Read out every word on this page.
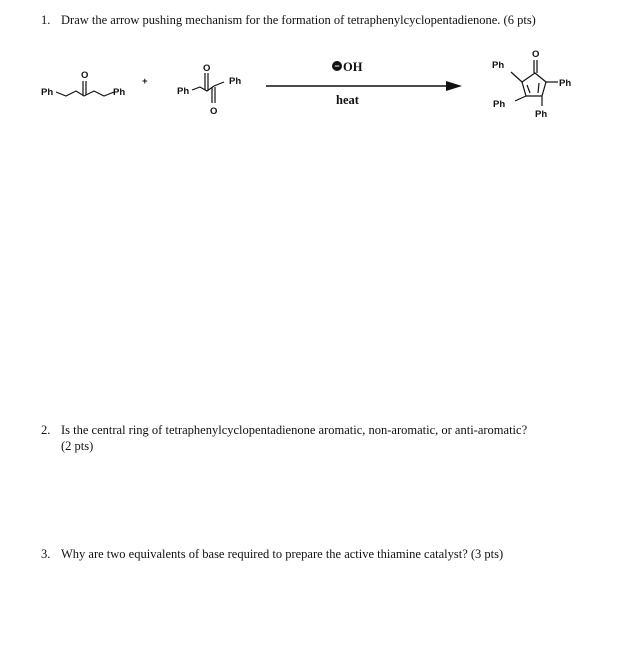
1. Draw the arrow pushing mechanism for the formation of tetraphenylcyclopentadienone. (6 pts)
Ph	Ph
O
+
Ph
Ph
O
O
− OH
heat
O
Ph
Ph
Ph
Ph
2. Is the central ring of tetraphenylcyclopentadienone aromatic, non-aromatic, or anti-aromatic?
(2 pts)
3. Why are two equivalents of base required to prepare the active thiamine catalyst? (3 pts)
